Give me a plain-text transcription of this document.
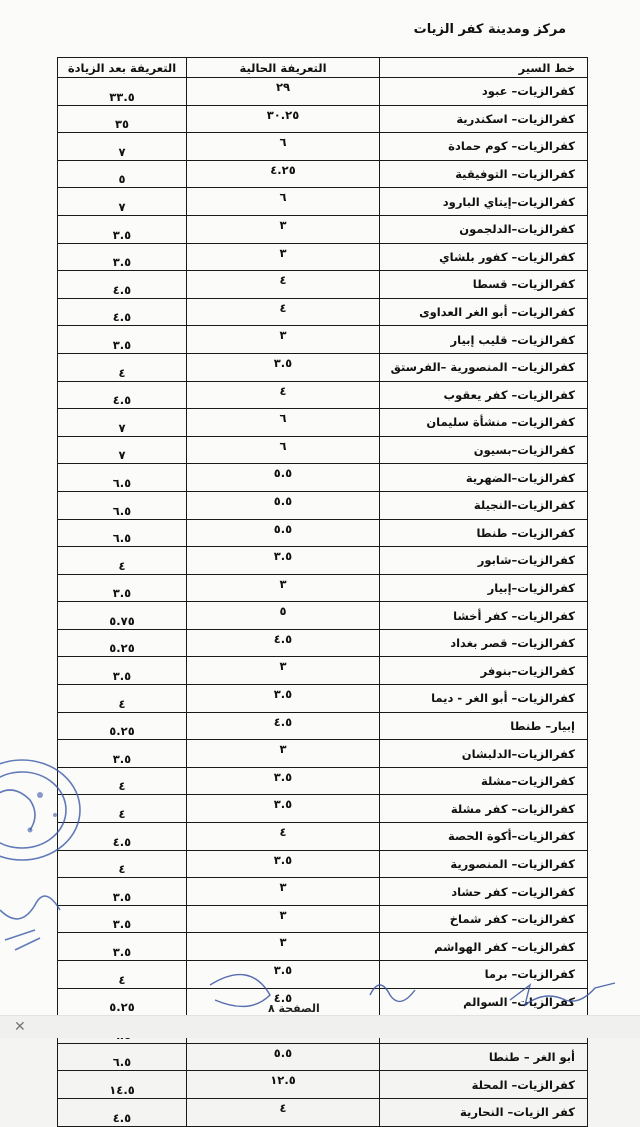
مركز ومدينة كفر الزيات
التعريفة بعد الزيادة	التعريفة الحالية	خط السير
٣٣.٥	٢٩	كفرالزيات– عبود
٣٥	٣٠.٢٥	كفرالزيات– اسكندرية
٧	٦	كفرالزيات– كوم حمادة
٥	٤.٢٥	كفرالزيات– التوفيقية
٧	٦	كفرالزيات–إيتاي البارود
٣.٥	٣	كفرالزيات–الدلجمون
٣.٥	٣	كفرالزيات– كفور بلشاي
٤.٥	٤	كفرالزيات– قسطا
٤.٥	٤	كفرالزيات– أبو الغر العداوى
٣.٥	٣	كفرالزيات– قليب إبيار
٤	٣.٥	كفرالزيات– المنصورية –الفرستق
٤.٥	٤	كفرالزيات– كفر يعقوب
٧	٦	كفرالزيات– منشأة سليمان
٧	٦	كفرالزيات–بسيون
٦.٥	٥.٥	كفرالزيات–الضهرية
٦.٥	٥.٥	كفرالزيات–النجيلة
٦.٥	٥.٥	كفرالزيات– طنطا
٤	٣.٥	كفرالزيات–شابور
٣.٥	٣	كفرالزيات–إبيار
٥.٧٥	٥	كفرالزيات– كفر أخشا
٥.٢٥	٤.٥	كفرالزيات– قصر بغداد
٣.٥	٣	كفرالزيات–بنوفر
٤	٣.٥	كفرالزيات– أبو الغر - ديما
٥.٢٥	٤.٥	إبيار– طنطا
٣.٥	٣	كفرالزيات–الدلبشان
٤	٣.٥	كفرالزيات–مشلة
٤	٣.٥	كفرالزيات– كفر مشلة
٤.٥	٤	كفرالزيات–أكوة الحصة
٤	٣.٥	كفرالزيات– المنصورية
٣.٥	٣	كفرالزيات– كفر حشاد
٣.٥	٣	كفرالزيات– كفر شماخ
٣.٥	٣	كفرالزيات– كفر الهواشم
٤	٣.٥	كفرالزيات– برما
٥.٢٥	٤.٥	كفرالزيات– السوالم

٦.٥	٥.٥	أبو الغر – طنطا
١٤.٥	١٢.٥	كفرالزيات– المحلة
٤.٥	٤	كفر الزيات– النحارية
الصفحة ٨
✕
